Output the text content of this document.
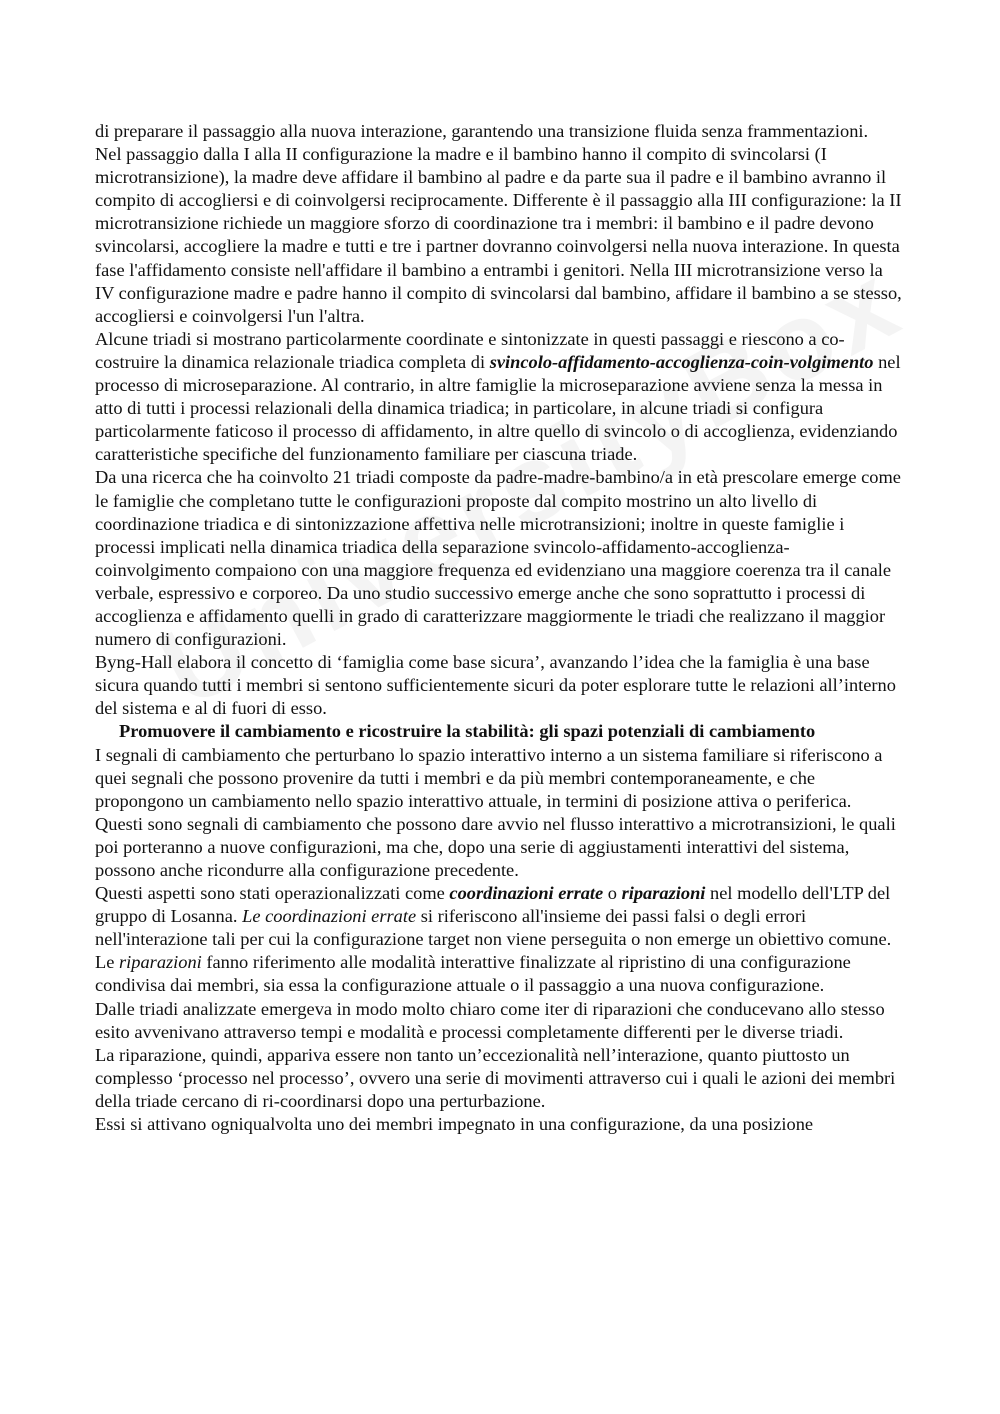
di preparare il passaggio alla nuova interazione, garantendo una transizione fluida senza frammentazioni.

Nel passaggio dalla I alla II configurazione la madre e il bambino hanno il compito di svincolarsi (I microtransizione), la madre deve affidare il bambino al padre e da parte sua il padre e il bambino avranno il compito di accogliersi e di coinvolgersi reciprocamente. Differente è il passaggio alla III configurazione: la II microtransizione richiede un maggiore sforzo di coordinazione tra i membri: il bambino e il padre devono svincolarsi, accogliere la madre e tutti e tre i partner dovranno coinvolgersi nella nuova interazione. In questa fase l'affidamento consiste nell'affidare il bambino a entrambi i genitori. Nella III microtransizione verso la IV configurazione madre e padre hanno il compito di svincolarsi dal bambino, affidare il bambino a se stesso, accogliersi e coinvolgersi l'un l'altra.

Alcune triadi si mostrano particolarmente coordinate e sintonizzate in questi passaggi e riescono a co-costruire la dinamica relazionale triadica completa di svincolo-affidamento-accoglienza-coin-volgimento nel processo di microseparazione. Al contrario, in altre famiglie la microseparazione avviene senza la messa in atto di tutti i processi relazionali della dinamica triadica; in particolare, in alcune triadi si configura particolarmente faticoso il processo di affidamento, in altre quello di svincolo o di accoglienza, evidenziando caratteristiche specifiche del funzionamento familiare per ciascuna triade.

Da una ricerca che ha coinvolto 21 triadi composte da padre-madre-bambino/a in età prescolare emerge come le famiglie che completano tutte le configurazioni proposte dal compito mostrino un alto livello di coordinazione triadica e di sintonizzazione affettiva nelle microtransizioni; inoltre in queste famiglie i processi implicati nella dinamica triadica della separazione svincolo-affidamento-accoglienza-coinvolgimento compaiono con una maggiore frequenza ed evidenziano una maggiore coerenza tra il canale verbale, espressivo e corporeo. Da uno studio successivo emerge anche che sono soprattutto i processi di accoglienza e affidamento quelli in grado di caratterizzare maggiormente le triadi che realizzano il maggior numero di configurazioni.

Byng-Hall elabora il concetto di ‘famiglia come base sicura’, avanzando l’idea che la famiglia è una base sicura quando tutti i membri si sentono sufficientemente sicuri da poter esplorare tutte le relazioni all’interno del sistema e al di fuori di esso.

Promuovere il cambiamento e ricostruire la stabilità: gli spazi potenziali di cambiamento

I segnali di cambiamento che perturbano lo spazio interattivo interno a un sistema familiare si riferiscono a quei segnali che possono provenire da tutti i membri e da più membri contemporaneamente, e che propongono un cambiamento nello spazio interattivo attuale, in termini di posizione attiva o periferica.

Questi sono segnali di cambiamento che possono dare avvio nel flusso interattivo a microtransizioni, le quali poi porteranno a nuove configurazioni, ma che, dopo una serie di aggiustamenti interattivi del sistema, possono anche ricondurre alla configurazione precedente.

Questi aspetti sono stati operazionalizzati come coordinazioni errate o riparazioni nel modello dell'LTP del gruppo di Losanna. Le coordinazioni errate si riferiscono all'insieme dei passi falsi o degli errori nell'interazione tali per cui la configurazione target non viene perseguita o non emerge un obiettivo comune. Le riparazioni fanno riferimento alle modalità interattive finalizzate al ripristino di una configurazione condivisa dai membri, sia essa la configurazione attuale o il passaggio a una nuova configurazione.

Dalle triadi analizzate emergeva in modo molto chiaro come iter di riparazioni che conducevano allo stesso esito avvenivano attraverso tempi e modalità e processi completamente differenti per le diverse triadi.

La riparazione, quindi, appariva essere non tanto un’eccezionalità nell’interazione, quanto piuttosto un complesso ‘processo nel processo’, ovvero una serie di movimenti attraverso cui i quali le azioni dei membri della triade cercano di ri-coordinarsi dopo una perturbazione.

Essi si attivano ogniqualvolta uno dei membri impegnato in una configurazione, da una posizione
